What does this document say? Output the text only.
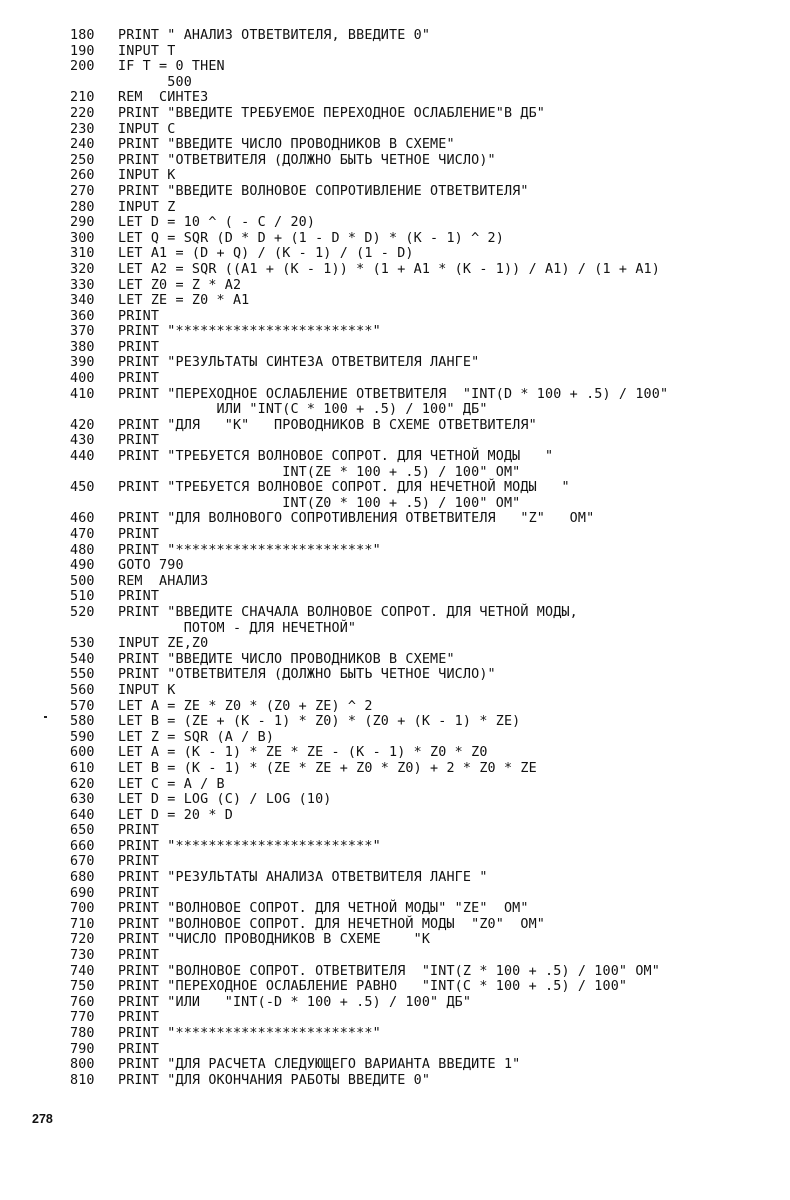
180	PRINT " АНАЛИЗ ОТВЕТВИТЕЛЯ, ВВЕДИТЕ 0"
190	INPUT T
200	IF T = 0 THEN
500
210	REM  СИНТЕЗ
220	PRINT "ВВЕДИТЕ ТРЕБУЕМОЕ ПЕРЕХОДНОЕ ОСЛАБЛЕНИЕ"В ДБ"
230	INPUT C
240	PRINT "ВВЕДИТЕ ЧИСЛО ПРОВОДНИКОВ В СХЕМЕ"
250	PRINT "ОТВЕТВИТЕЛЯ (ДОЛЖНО БЫТЬ ЧЕТНОЕ ЧИСЛО)"
260	INPUT K
270	PRINT "ВВЕДИТЕ ВОЛНОВОЕ СОПРОТИВЛЕНИЕ ОТВЕТВИТЕЛЯ"
280	INPUT Z
290	LET D = 10 ^ ( - C / 20)
300	LET Q = SQR (D * D + (1 - D * D) * (K - 1) ^ 2)
310	LET A1 = (D + Q) / (K - 1) / (1 - D)
320	LET A2 = SQR ((A1 + (K - 1)) * (1 + A1 * (K - 1)) / A1) / (1 + A1)
330	LET Z0 = Z * A2
340	LET ZE = Z0 * A1
360	PRINT
370	PRINT "************************"
380	PRINT
390	PRINT "РЕЗУЛЬТАТЫ СИНТЕЗА ОТВЕТВИТЕЛЯ ЛАНГЕ"
400	PRINT
410	PRINT "ПЕРЕХОДНОЕ ОСЛАБЛЕНИЕ ОТВЕТВИТЕЛЯ  "INT(D * 100 + .5) / 100"
ИЛИ "INT(C * 100 + .5) / 100" ДБ"
420	PRINT "ДЛЯ   "K"   ПРОВОДНИКОВ В СХЕМЕ ОТВЕТВИТЕЛЯ"
430	PRINT
440	PRINT "ТРЕБУЕТСЯ ВОЛНОВОЕ СОПРОТ. ДЛЯ ЧЕТНОЙ МОДЫ   "
INT(ZE * 100 + .5) / 100" ОМ"
450	PRINT "ТРЕБУЕТСЯ ВОЛНОВОЕ СОПРОТ. ДЛЯ НЕЧЕТНОЙ МОДЫ   "
INT(Z0 * 100 + .5) / 100" ОМ"
460	PRINT "ДЛЯ ВОЛНОВОГО СОПРОТИВЛЕНИЯ ОТВЕТВИТЕЛЯ   "Z"   ОМ"
470	PRINT
480	PRINT "************************"
490	GOTO 790
500	REM  АНАЛИЗ
510	PRINT
520	PRINT "ВВЕДИТЕ СНАЧАЛА ВОЛНОВОЕ СОПРОТ. ДЛЯ ЧЕТНОЙ МОДЫ,
ПОТОМ - ДЛЯ НЕЧЕТНОЙ"
530	INPUT ZE,Z0
540	PRINT "ВВЕДИТЕ ЧИСЛО ПРОВОДНИКОВ В СХЕМЕ"
550	PRINT "ОТВЕТВИТЕЛЯ (ДОЛЖНО БЫТЬ ЧЕТНОЕ ЧИСЛО)"
560	INPUT K
570	LET A = ZE * Z0 * (Z0 + ZE) ^ 2
580	LET B = (ZE + (K - 1) * Z0) * (Z0 + (K - 1) * ZE)
590	LET Z = SQR (A / B)
600	LET A = (K - 1) * ZE * ZE - (K - 1) * Z0 * Z0
610	LET B = (K - 1) * (ZE * ZE + Z0 * Z0) + 2 * Z0 * ZE
620	LET C = A / B
630	LET D = LOG (C) / LOG (10)
640	LET D = 20 * D
650	PRINT
660	PRINT "************************"
670	PRINT
680	PRINT "РЕЗУЛЬТАТЫ АНАЛИЗА ОТВЕТВИТЕЛЯ ЛАНГЕ "
690	PRINT
700	PRINT "ВОЛНОВОЕ СОПРОТ. ДЛЯ ЧЕТНОЙ МОДЫ" "ZE"  ОМ"
710	PRINT "ВОЛНОВОЕ СОПРОТ. ДЛЯ НЕЧЕТНОЙ МОДЫ  "Z0"  ОМ"
720	PRINT "ЧИСЛО ПРОВОДНИКОВ В СХЕМЕ    "K
730	PRINT
740	PRINT "ВОЛНОВОЕ СОПРОТ. ОТВЕТВИТЕЛЯ  "INT(Z * 100 + .5) / 100" ОМ"
750	PRINT "ПЕРЕХОДНОЕ ОСЛАБЛЕНИЕ РАВНО   "INT(C * 100 + .5) / 100"
760	PRINT "ИЛИ   "INT(-D * 100 + .5) / 100" ДБ"
770	PRINT
780	PRINT "************************"
790	PRINT
800	PRINT "ДЛЯ РАСЧЕТА СЛЕДУЮЩЕГО ВАРИАНТА ВВЕДИТЕ 1"
810	PRINT "ДЛЯ ОКОНЧАНИЯ РАБОТЫ ВВЕДИТЕ 0"
278
